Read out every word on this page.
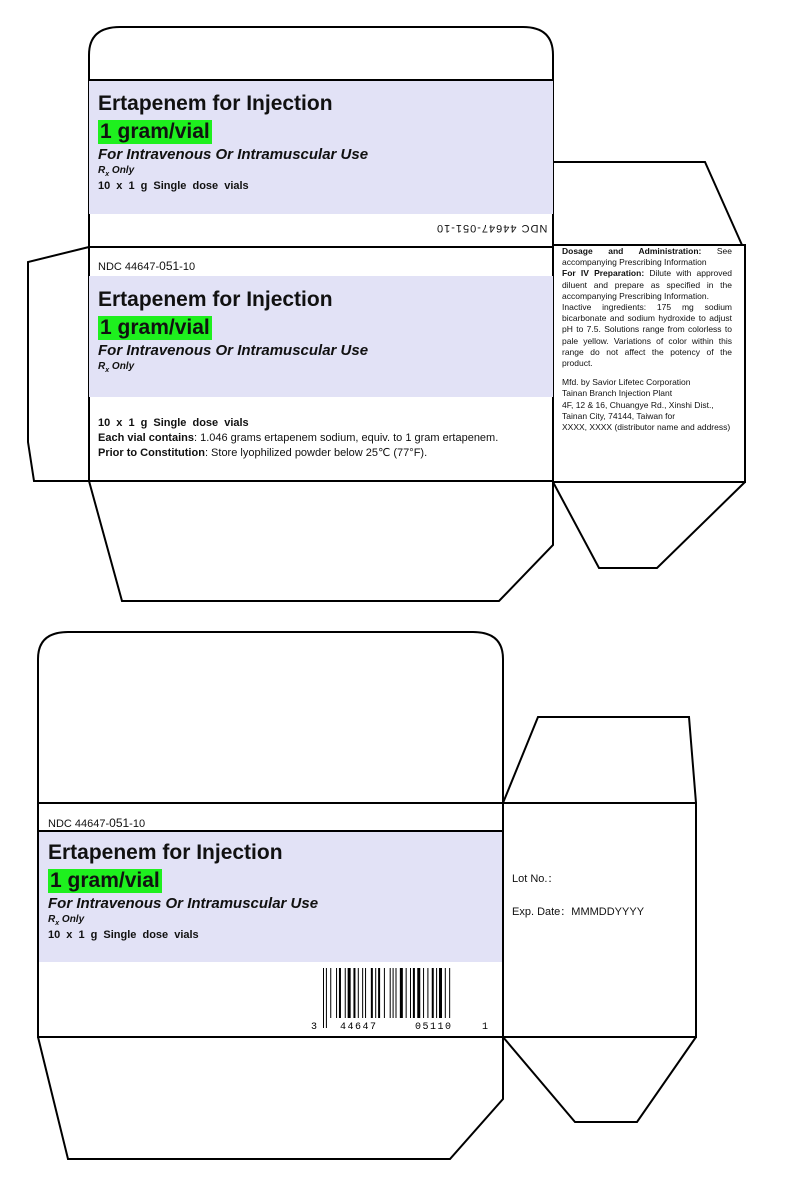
Ertapenem for Injection
1 gram/vial
For Intravenous Or Intramuscular Use
$R_x$ Only
10 x 1 g Single dose vials
NDC 44647-051-10
NDC 44647-051-10
Ertapenem for Injection
1 gram/vial
For Intravenous Or Intramuscular Use
$R_x$ Only
10 x 1 g Single dose vials
Each vial contains: 1.046 grams ertapenem sodium, equiv. to 1 gram ertapenem.
Prior to Constitution: Store lyophilized powder below 25℃ (77°F).

Dosage and Administration: See accompanying Prescribing Information

For IV Preparation: Dilute with approved diluent and prepare as specified in the accompanying Prescribing Information.

Inactive ingredients: 175 mg sodium bicarbonate and sodium hydroxide to adjust pH to 7.5. Solutions range from colorless to pale yellow. Variations of color within this range do not affect the potency of the product.

Mfd. by Savior Lifetec Corporation

Tainan Branch Injection Plant

4F, 12 & 16, Chuangye Rd., Xinshi Dist.,

Tainan City, 74144, Taiwan for

XXXX, XXXX (distributor name and address)

NDC 44647-051-10
Ertapenem for Injection
1 gram/vial
For Intravenous Or Intramuscular Use
$R_x$ Only
10 x 1 g Single dose vials
3 44647	05110	1
Lot No.：
Exp. Date：MMMDDYYYY
